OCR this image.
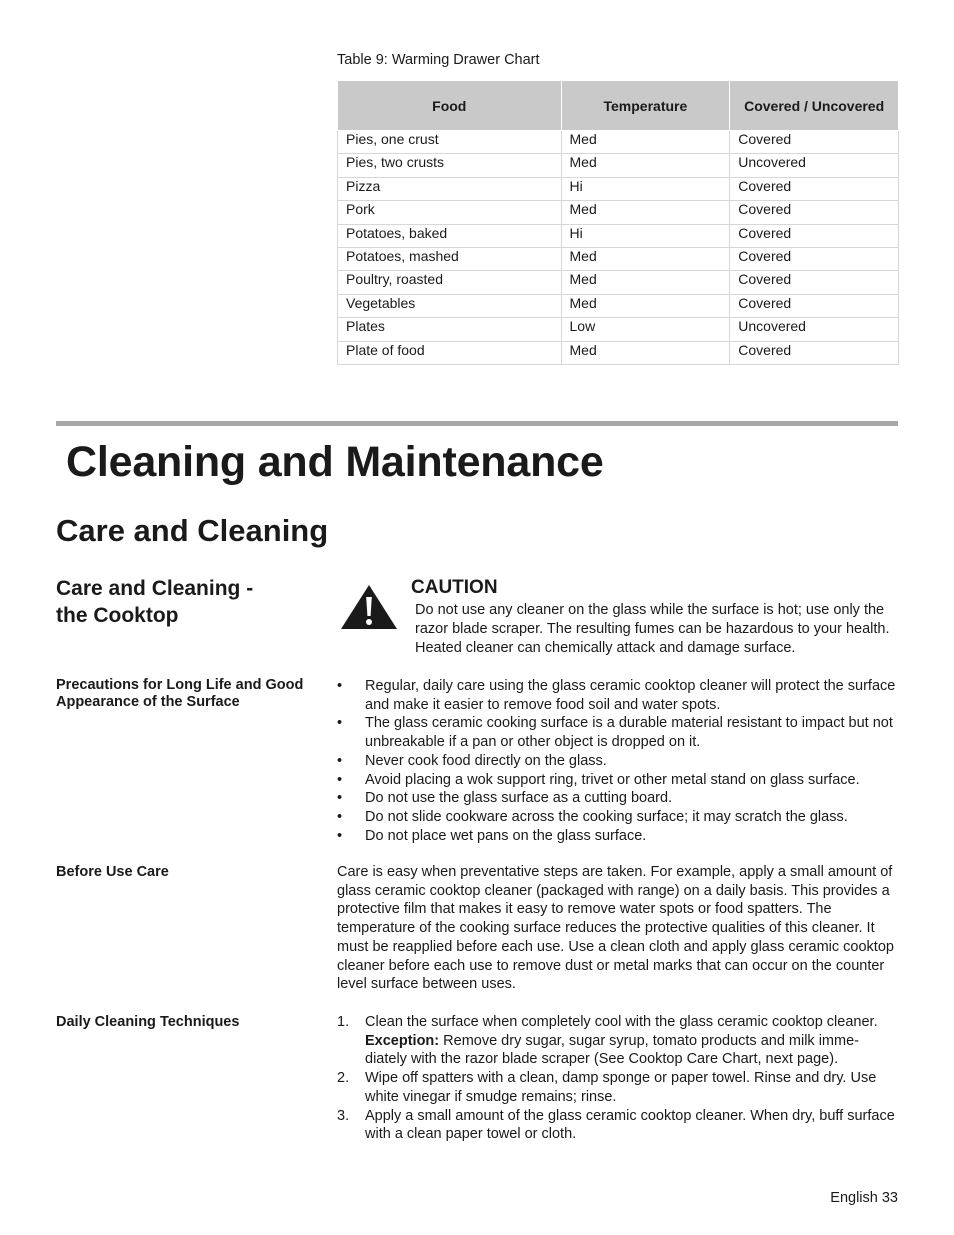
Table 9: Warming Drawer Chart
Food	Temperature	Covered / Uncovered
Pies, one crust	Med	Covered
Pies, two crusts	Med	Uncovered
Pizza	Hi	Covered
Pork	Med	Covered
Potatoes, baked	Hi	Covered
Potatoes, mashed	Med	Covered
Poultry, roasted	Med	Covered
Vegetables	Med	Covered
Plates	Low	Uncovered
Plate of food	Med	Covered
Cleaning and Maintenance
Care and Cleaning
Care and Cleaning -
the Cooktop
CAUTION
Do not use any cleaner on the glass while the surface is hot; use only the razor blade scraper. The resulting fumes can be hazardous to your health. Heated cleaner can chemically attack and damage surface.
Precautions for Long Life and Good Appearance of the Surface
• Regular, daily care using the glass ceramic cooktop cleaner will protect the surface and make it easier to remove food soil and water spots.
• The glass ceramic cooking surface is a durable material resistant to impact but not unbreakable if a pan or other object is dropped on it.
• Never cook food directly on the glass.
• Avoid placing a wok support ring, trivet or other metal stand on glass surface.
• Do not use the glass surface as a cutting board.
• Do not slide cookware across the cooking surface; it may scratch the glass.
• Do not place wet pans on the glass surface.
Before Use Care	Care is easy when preventative steps are taken. For example, apply a small amount of glass ceramic cooktop cleaner (packaged with range) on a daily basis. This provides a protective film that makes it easy to remove water spots or food spatters. The temperature of the cooking surface reduces the protective qualities of this cleaner. It must be reapplied before each use. Use a clean cloth and apply glass ceramic cooktop cleaner before each use to remove dust or metal marks that can occur on the counter level surface between uses.
Daily Cleaning Techniques	1. Clean the surface when completely cool with the glass ceramic cooktop cleaner.
Exception: Remove dry sugar, sugar syrup, tomato products and milk imme-diately with the razor blade scraper (See Cooktop Care Chart, next page).
2. Wipe off spatters with a clean, damp sponge or paper towel. Rinse and dry. Use white vinegar if smudge remains; rinse.
3. Apply a small amount of the glass ceramic cooktop cleaner. When dry, buff surface with a clean paper towel or cloth.
English 33
